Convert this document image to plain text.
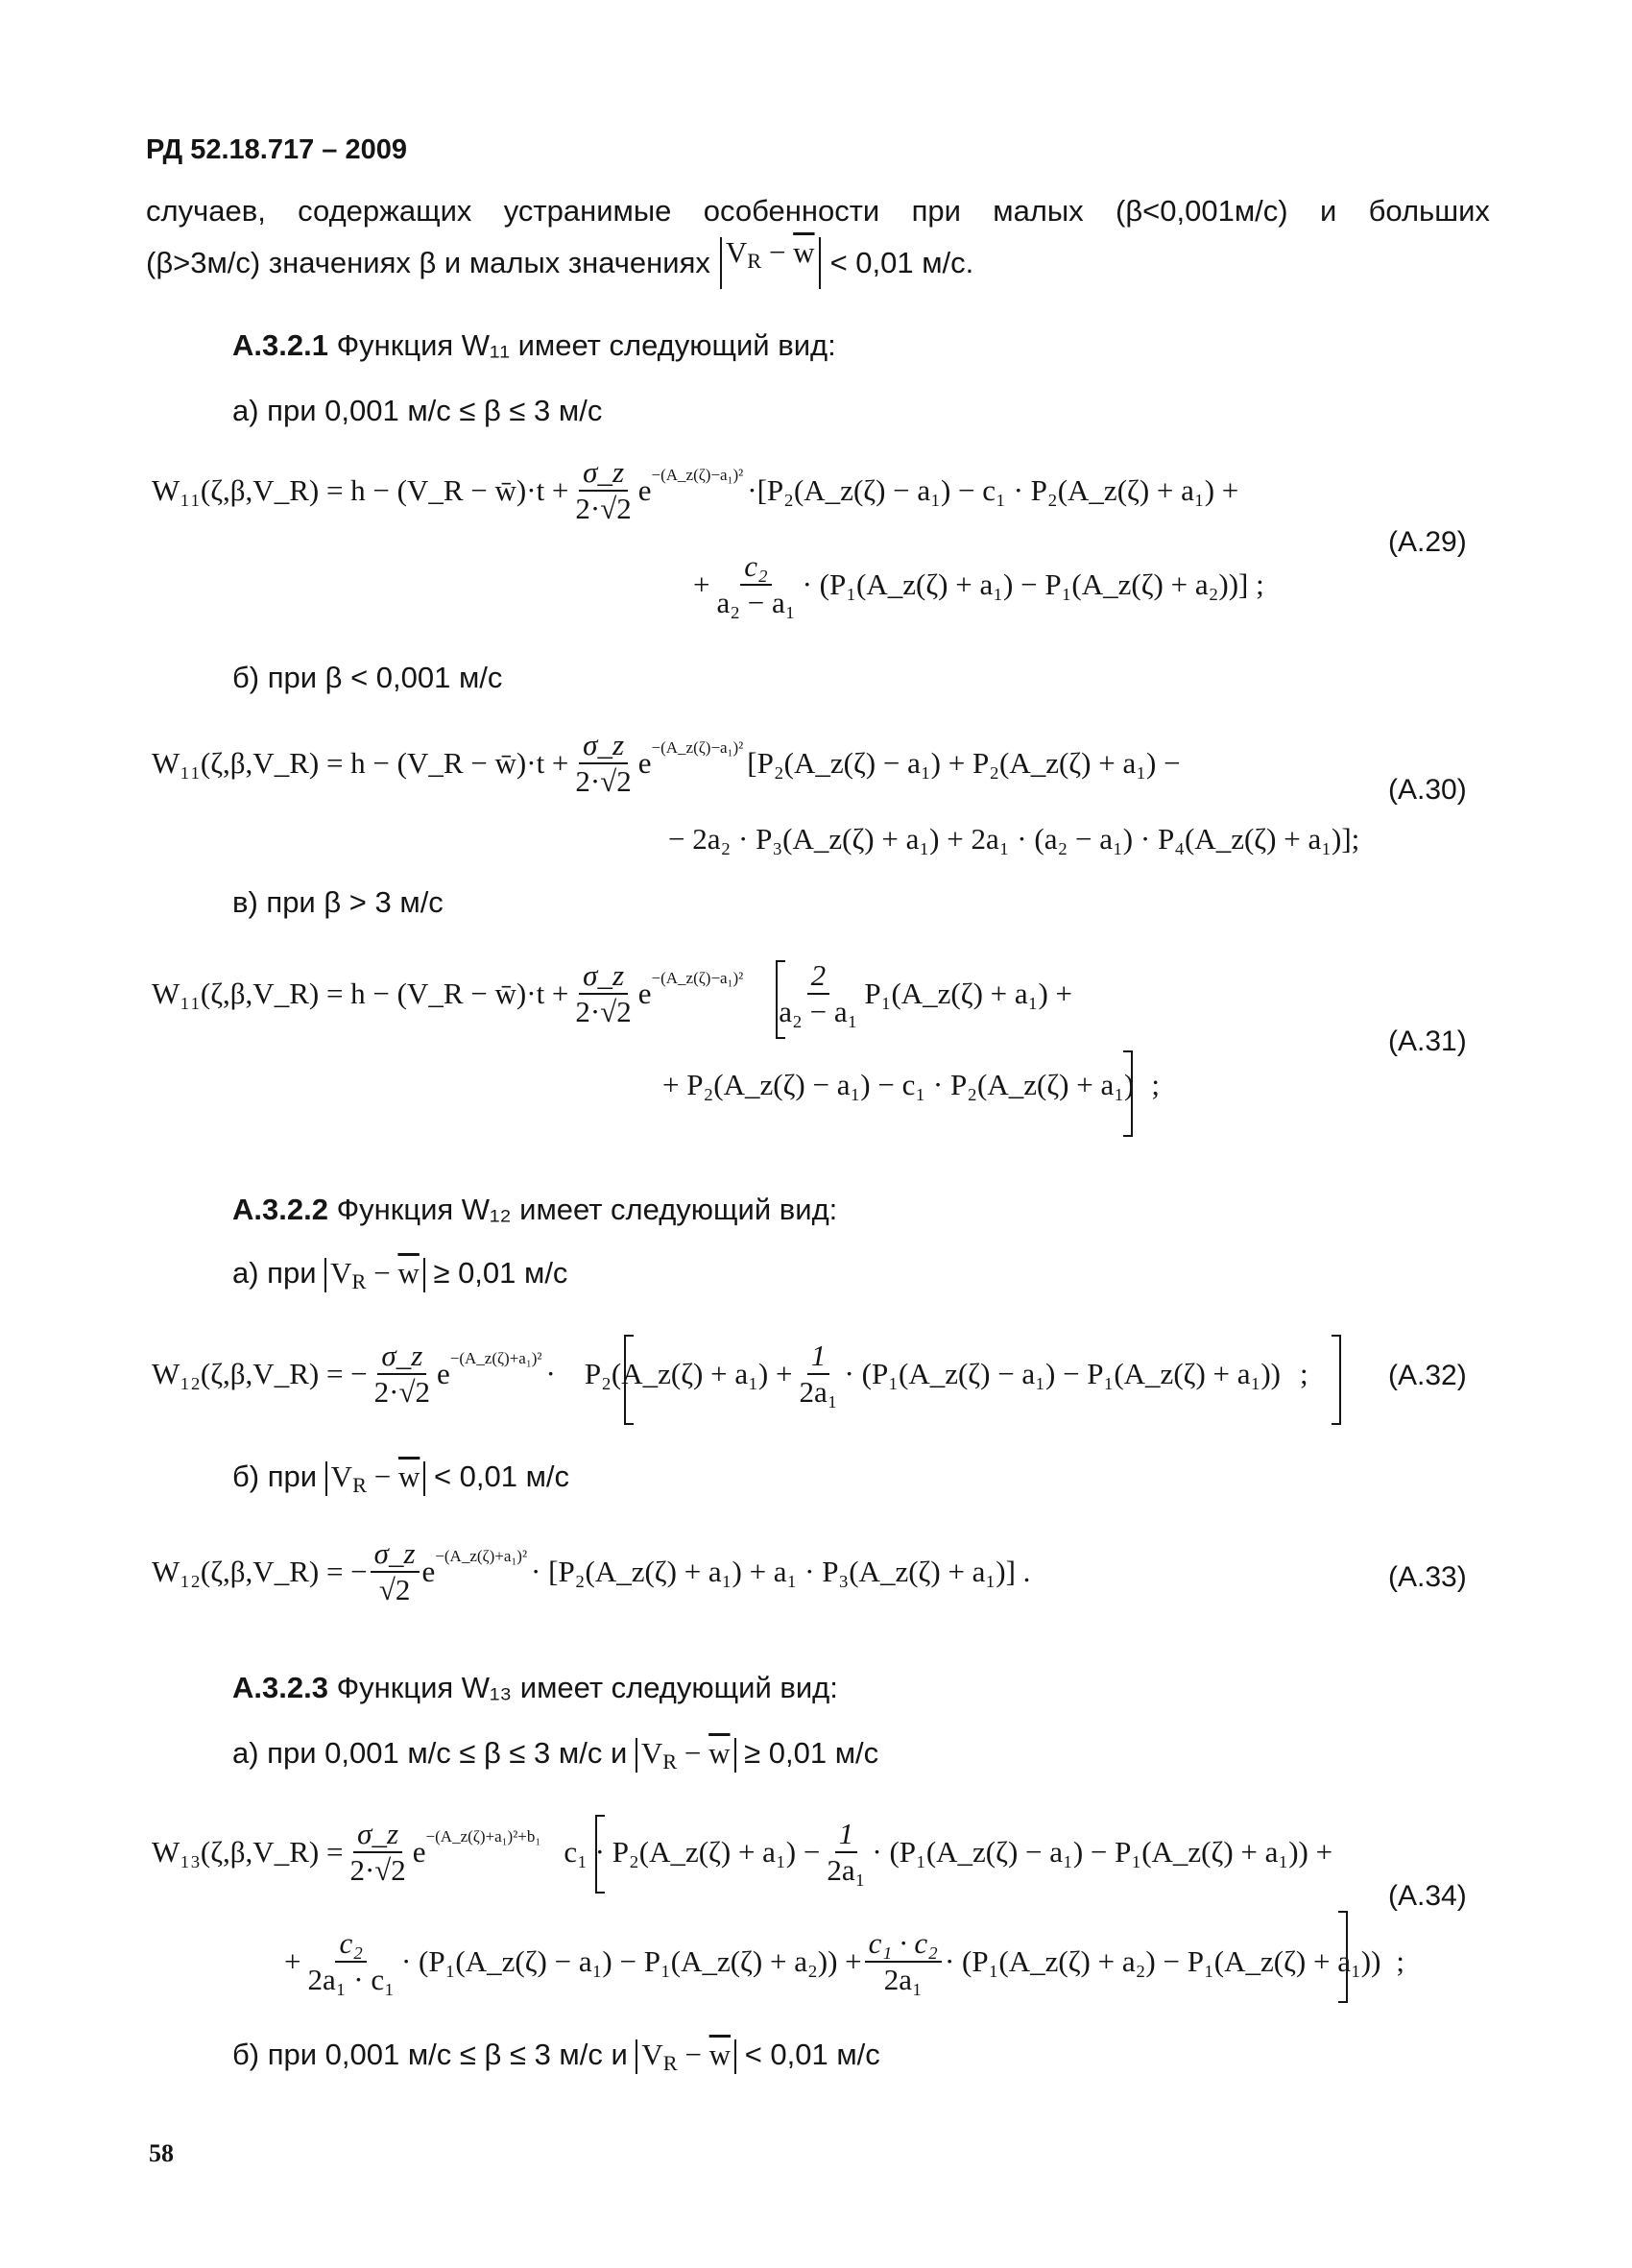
РД 52.18.717 – 2009
случаев, содержащих устранимые особенности при малых (β<0,001м/с) и больших
(β>3м/с) значениях β и малых значениях $V_R - \overline{w} < 0,01$ м/с.
А.3.2.1 Функция W₁₁ имеет следующий вид:
а) при 0,001 м/с ≤ β ≤ 3 м/с
W₁₁(ζ,β,V_R) = h − (V_R − w̄)·t + $\frac{\sigma\_z}{2\cdot√2}$ e −(A_z(ζ)−a₁)² ·[P₂(A_z(ζ) − a₁) − c₁ · P₂(A_z(ζ) + a₁) +
+ $\frac{\text{c₂}}{\text{a₂ − a₁}}$ · (P₁(A_z(ζ) + a₁) − P₁(A_z(ζ) + a₂))] ;
(А.29)
б) при β < 0,001 м/с
W₁₁(ζ,β,V_R) = h − (V_R − w̄)·t + $\frac{\sigma\_z}{2\cdot√2}$ e −(A_z(ζ)−a₁)² [P₂(A_z(ζ) − a₁) + P₂(A_z(ζ) + a₁) −
− 2a₂ · P₃(A_z(ζ) + a₁) + 2a₁ · (a₂ − a₁) · P₄(A_z(ζ) + a₁)];
(А.30)
в) при β > 3 м/с
W₁₁(ζ,β,V_R) = h − (V_R − w̄)·t + $\frac{\sigma\_z}{2\cdot√2}$ e −(A_z(ζ)−a₁)² $\frac{2}{\text{a₂ − a₁}}$ P₁(A_z(ζ) + a₁) +
+ P₂(A_z(ζ) − a₁) − c₁ · P₂(A_z(ζ) + a₁) ;
(А.31)
А.3.2.2 Функция W₁₂ имеет следующий вид:
а) при $V_R - \overline{w} \ge 0,01$ м/с
W₁₂(ζ,β,V_R) = − $\frac{\sigma\_z}{2\cdot√2}$ e −(A_z(ζ)+a₁)² · P₂(A_z(ζ) + $a_1) + \frac{1}{\text{2a₁}}$ · (P₁(A_z(ζ) − a₁) − P₁(A_z(ζ) + a₁)) ;	(А.32)
б) при $V_R - \overline{w} < 0,01$ м/с
W₁₂(ζ,β,V_R) = − $\frac{\sigma\_z}{√2}$ e −(A_z(ζ)+a₁)² · [P₂(A_z(ζ) + a₁) + a₁ · P₃(A_z(ζ) + a₁)] .	(А.33)
А.3.2.3 Функция W₁₃ имеет следующий вид:
а) при 0,001 м/с ≤ β ≤ 3 м/с и $V_R - \overline{w} \ge 0,01$ м/с
W₁₃(ζ,β,V_R) = $\frac{\sigma\_z}{2\cdot√2}$ e −(A_z(ζ)+a₁)²+b₁ c₁ · P₂(A_z(ζ) + $a_1) - \frac{1}{\text{2a₁}}$ · (P₁(A_z(ζ) − a₁) − P₁(A_z(ζ) + a₁)) +
+ $\frac{\text{c₂}}{\text{2a₁ · c₁}}$ · (P₁(A_z(ζ) − a₁) − P₁(A_z(ζ) + $a_2)) + \frac{\text{c₁ · c₂}}{\text{2a₁}}$ · (P₁(A_z(ζ) + a₂) − P₁(A_z(ζ) + a₁)) ;
(А.34)
б) при 0,001 м/с ≤ β ≤ 3 м/с и $V_R - \overline{w} < 0,01$ м/с
58
